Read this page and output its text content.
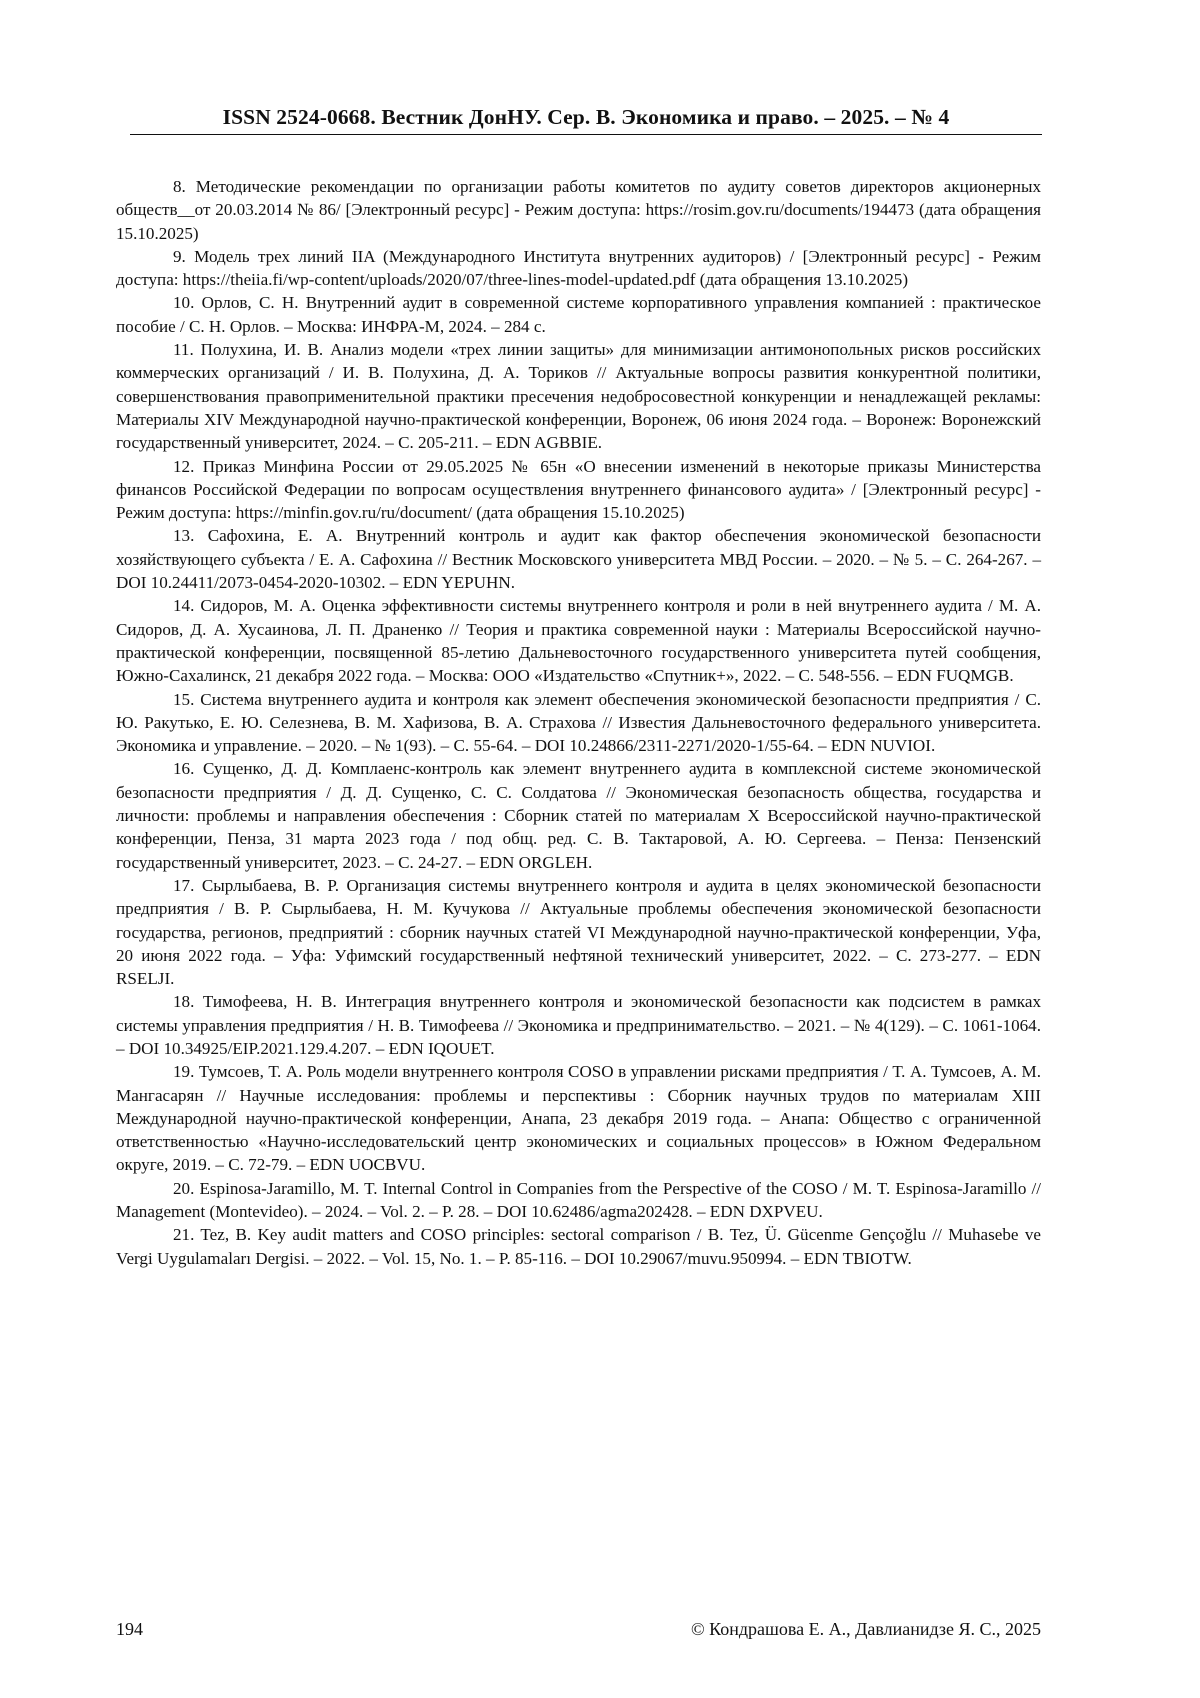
ISSN 2524-0668. Вестник ДонНУ. Сер. В. Экономика и право. – 2025. – № 4

8. Методические рекомендации по организации работы комитетов по аудиту советов директоров акционерных обществ__от 20.03.2014 № 86/ [Электронный ресурс] - Режим доступа: https://rosim.gov.ru/documents/194473 (дата обращения 15.10.2025)

9. Модель трех линий IIA (Международного Института внутренних аудиторов) / [Электронный ресурс] - Режим доступа: https://theiia.fi/wp-content/uploads/2020/07/three-lines-model-updated.pdf (дата обращения 13.10.2025)

10. Орлов, С. Н. Внутренний аудит в современной системе корпоративного управления компанией : практическое пособие / С. Н. Орлов. – Москва: ИНФРА-М, 2024. – 284 с.

11. Полухина, И. В. Анализ модели «трех линии защиты» для минимизации антимонопольных рисков российских коммерческих организаций / И. В. Полухина, Д. А. Ториков // Актуальные вопросы развития конкурентной политики, совершенствования правоприменительной практики пресечения недобросовестной конкуренции и ненадлежащей рекламы: Материалы XIV Международной научно-практической конференции, Воронеж, 06 июня 2024 года. – Воронеж: Воронежский государственный университет, 2024. – С. 205-211. – EDN AGBBIE.

12. Приказ Минфина России от 29.05.2025 № 65н «О внесении изменений в некоторые приказы Министерства финансов Российской Федерации по вопросам осуществления внутреннего финансового аудита» / [Электронный ресурс] - Режим доступа: https://minfin.gov.ru/ru/document/ (дата обращения 15.10.2025)

13. Сафохина, Е. А. Внутренний контроль и аудит как фактор обеспечения экономической безопасности хозяйствующего субъекта / Е. А. Сафохина // Вестник Московского университета МВД России. – 2020. – № 5. – С. 264-267. – DOI 10.24411/2073-0454-2020-10302. – EDN YEPUHN.

14. Сидоров, М. А. Оценка эффективности системы внутреннего контроля и роли в ней внутреннего аудита / М. А. Сидоров, Д. А. Хусаинова, Л. П. Драненко // Теория и практика современной науки : Материалы Всероссийской научно-практической конференции, посвященной 85-летию Дальневосточного государственного университета путей сообщения, Южно-Сахалинск, 21 декабря 2022 года. – Москва: ООО «Издательство «Спутник+», 2022. – С. 548-556. – EDN FUQMGB.

15. Система внутреннего аудита и контроля как элемент обеспечения экономической безопасности предприятия / С. Ю. Ракутько, Е. Ю. Селезнева, В. М. Хафизова, В. А. Страхова // Известия Дальневосточного федерального университета. Экономика и управление. – 2020. – № 1(93). – С. 55-64. – DOI 10.24866/2311-2271/2020-1/55-64. – EDN NUVIOI.

16. Сущенко, Д. Д. Комплаенс-контроль как элемент внутреннего аудита в комплексной системе экономической безопасности предприятия / Д. Д. Сущенко, С. С. Солдатова // Экономическая безопасность общества, государства и личности: проблемы и направления обеспечения : Сборник статей по материалам X Всероссийской научно-практической конференции, Пенза, 31 марта 2023 года / под общ. ред. С. В. Тактаровой, А. Ю. Сергеева. – Пенза: Пензенский государственный университет, 2023. – С. 24-27. – EDN ORGLEH.

17. Сырлыбаева, В. Р. Организация системы внутреннего контроля и аудита в целях экономической безопасности предприятия / В. Р. Сырлыбаева, Н. М. Кучукова // Актуальные проблемы обеспечения экономической безопасности государства, регионов, предприятий : сборник научных статей VI Международной научно-практической конференции, Уфа, 20 июня 2022 года. – Уфа: Уфимский государственный нефтяной технический университет, 2022. – С. 273-277. – EDN RSELJI.

18. Тимофеева, Н. В. Интеграция внутреннего контроля и экономической безопасности как подсистем в рамках системы управления предприятия / Н. В. Тимофеева // Экономика и предпринимательство. – 2021. – № 4(129). – С. 1061-1064. – DOI 10.34925/EIP.2021.129.4.207. – EDN IQOUET.

19. Тумсоев, Т. А. Роль модели внутреннего контроля COSO в управлении рисками предприятия / Т. А. Тумсоев, А. М. Мангасарян // Научные исследования: проблемы и перспективы : Сборник научных трудов по материалам XIII Международной научно-практической конференции, Анапа, 23 декабря 2019 года. – Анапа: Общество с ограниченной ответственностью «Научно-исследовательский центр экономических и социальных процессов» в Южном Федеральном округе, 2019. – С. 72-79. – EDN UOCBVU.

20. Espinosa-Jaramillo, M. T. Internal Control in Companies from the Perspective of the COSO / M. T. Espinosa-Jaramillo // Management (Montevideo). – 2024. – Vol. 2. – P. 28. – DOI 10.62486/agma202428. – EDN DXPVEU.

21. Tez, B. Key audit matters and COSO principles: sectoral comparison / B. Tez, Ü. Gücenme Gençoğlu // Muhasebe ve Vergi Uygulamaları Dergisi. – 2022. – Vol. 15, No. 1. – P. 85-116. – DOI 10.29067/muvu.950994. – EDN TBIOTW.

194	© Кондрашова Е. А., Давлианидзе Я. С., 2025
